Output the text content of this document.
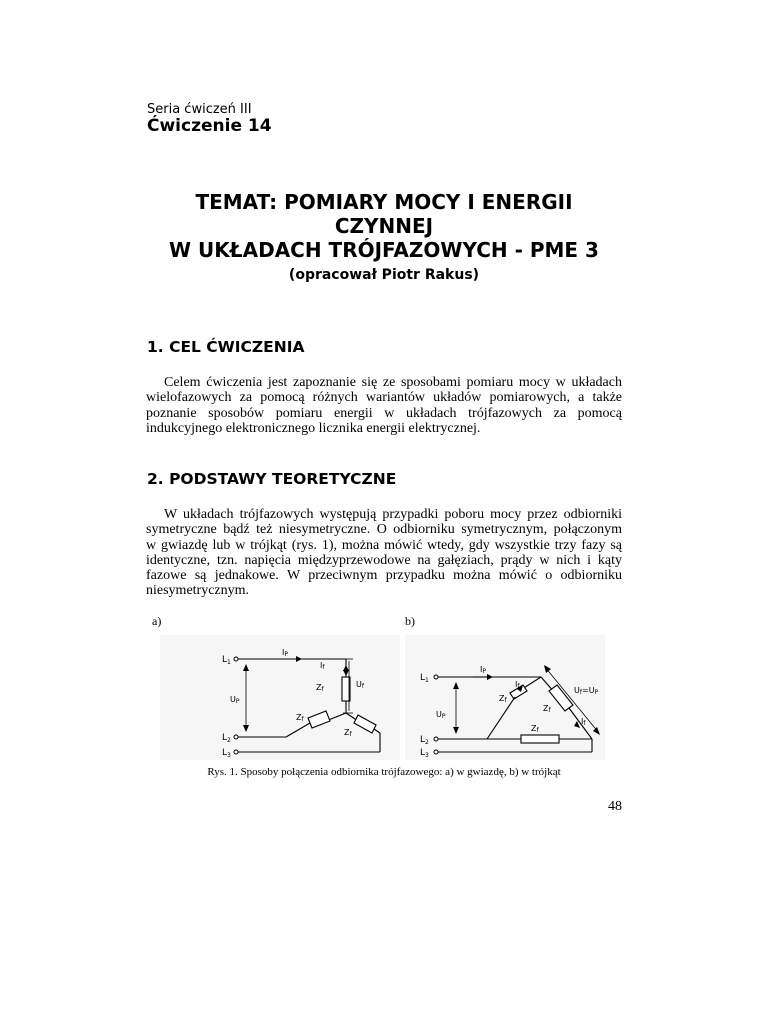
Seria ćwiczeń III
Ćwiczenie 14
TEMAT: POMIARY MOCY I ENERGII
CZYNNEJ
W UKŁADACH TRÓJFAZOWYCH - PME 3
(opracował Piotr Rakus)
1. CEL ĆWICZENIA
Celem ćwiczenia jest zapoznanie się ze sposobami pomiaru mocy w układach
wielofazowych za pomocą różnych wariantów układów pomiarowych, a także
poznanie sposobów pomiaru energii w układach trójfazowych za pomocą
indukcyjnego elektronicznego licznika energii elektrycznej.
2. PODSTAWY TEORETYCZNE
W układach trójfazowych występują przypadki poboru mocy przez odbiorniki
symetryczne bądź też niesymetryczne. O odbiorniku symetrycznym, połączonym
w gwiazdę lub w trójkąt (rys. 1), można mówić wtedy, gdy wszystkie trzy fazy są
identyczne, tzn. napięcia międzyprzewodowe na gałęziach, prądy w nich i kąty
fazowe są jednakowe. W przeciwnym przypadku można mówić o odbiorniku
niesymetrycznym.
a)	b)
$L_1$
$L_2$
$L_3$
IP
If
UP
Uf
Zf
Zf
Zf
$L_1$
$L_2$
$L_3$
IP
If
If
UP
Uf=UP
Zf
Zf
Zf
Rys. 1. Sposoby połączenia odbiornika trójfazowego: a) w gwiazdę, b) w trójkąt
48
